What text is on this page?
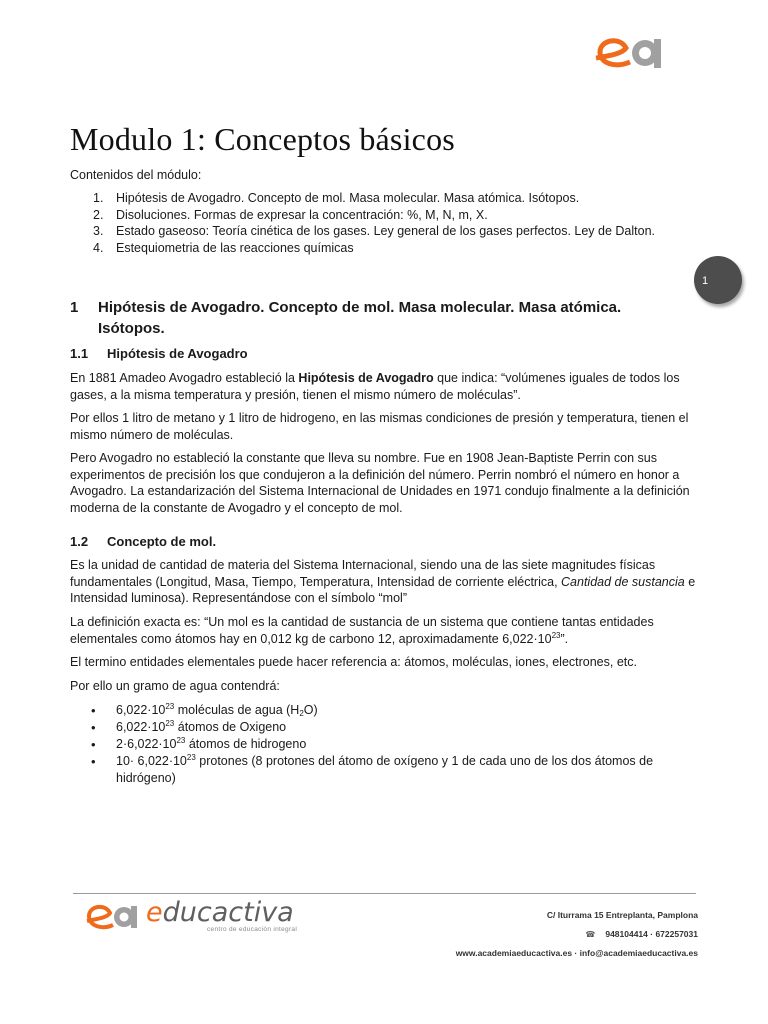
Modulo 1: Conceptos básicos
Contenidos del módulo:
1.	Hipótesis de Avogadro. Concepto de mol. Masa molecular. Masa atómica. Isótopos.
2.	Disoluciones. Formas de expresar la concentración: %, M, N, m, X.
3.	Estado gaseoso: Teoría cinética de los gases. Ley general de los gases perfectos. Ley de Dalton.
4.	Estequiometria de las reacciones químicas
1
1	Hipótesis de Avogadro. Concepto de mol. Masa molecular. Masa atómica. Isótopos.
1.1	Hipótesis de Avogadro

En 1881 Amadeo Avogadro estableció la Hipótesis de Avogadro que indica: “volúmenes iguales de todos los gases, a la misma temperatura y presión, tienen el mismo número de moléculas”.

Por ellos 1 litro de metano y 1 litro de hidrogeno, en las mismas condiciones de presión y temperatura, tienen el mismo número de moléculas.

Pero Avogadro no estableció la constante que lleva su nombre. Fue en 1908 Jean-Baptiste Perrin con sus experimentos de precisión los que condujeron a la definición del número. Perrin nombró el número en honor a Avogadro. La estandarización del Sistema Internacional de Unidades en 1971 condujo finalmente a la definición moderna de la constante de Avogadro y el concepto de mol.

1.2	Concepto de mol.

Es la unidad de cantidad de materia del Sistema Internacional, siendo una de las siete magnitudes físicas fundamentales (Longitud, Masa, Tiempo, Temperatura, Intensidad de corriente eléctrica, Cantidad de sustancia e Intensidad luminosa). Representándose con el símbolo “mol”

La definición exacta es: “Un mol es la cantidad de sustancia de un sistema que contiene tantas entidades elementales como átomos hay en 0,012 kg de carbono 12, aproximadamente $6,022\cdot 10^{23}$”.

El termino entidades elementales puede hacer referencia a: átomos, moléculas, iones, electrones, etc.

Por ello un gramo de agua contendrá:

•	$6,022\cdot 10^{23}$ moléculas de agua $(H_2O)$
•	$6,022\cdot 10^{23}$ átomos de Oxigeno
•	$2\cdot 6,022\cdot 10^{23}$ átomos de hidrogeno
•	$10\cdot 6,022\cdot 10^{23}$ protones (8 protones del átomo de oxígeno y 1 de cada uno de los dos átomos de hidrógeno)
educactiva
centro de educación integral
C/ Iturrama 15 Entreplanta, Pamplona
☎ 948104414 · 672257031
www.academiaeducactiva.es · info@academiaeducactiva.es
